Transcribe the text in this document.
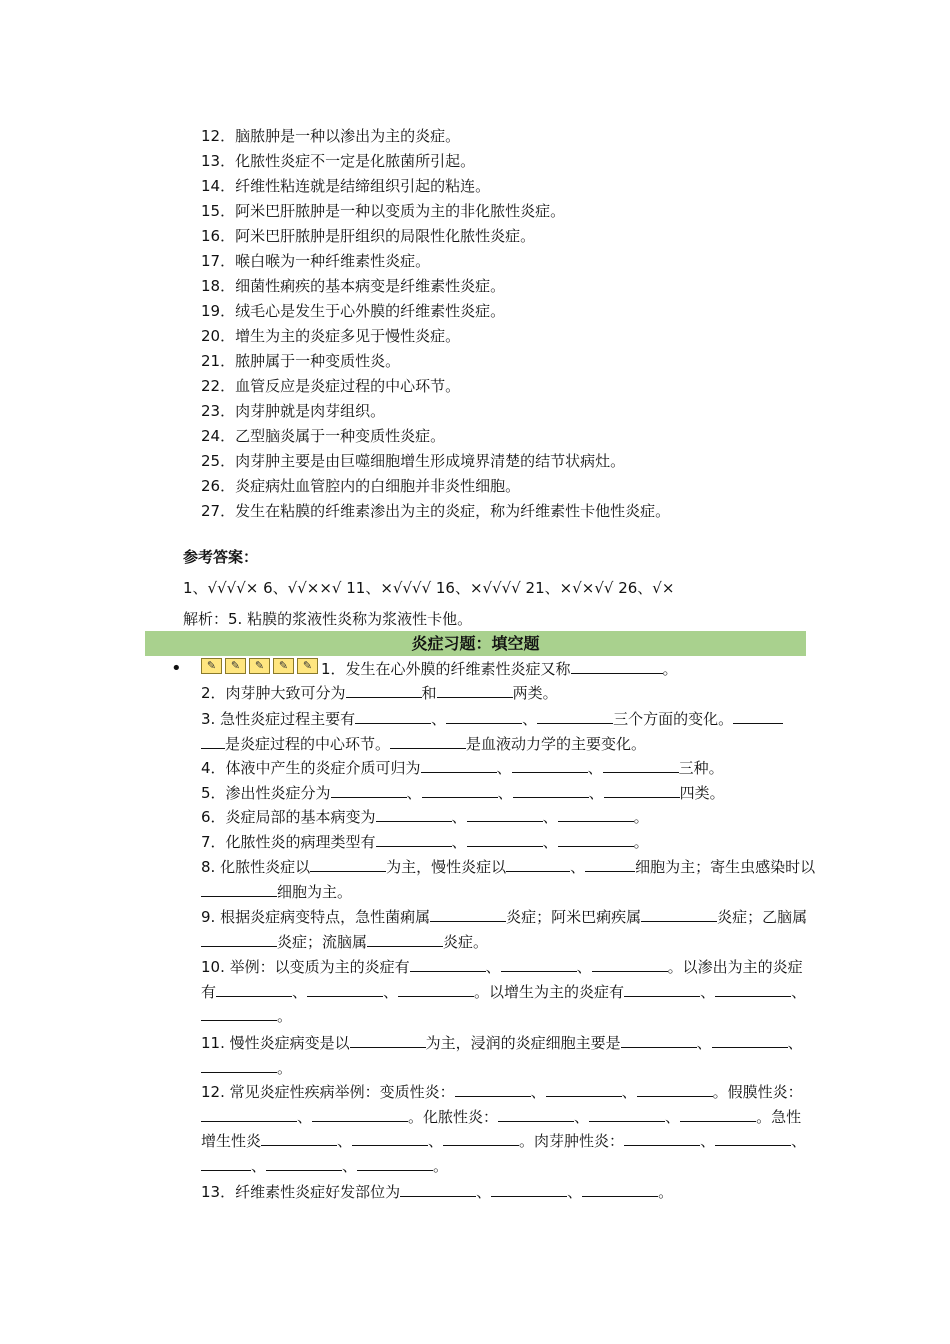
12．脑脓肿是一种以渗出为主的炎症。
13．化脓性炎症不一定是化脓菌所引起。
14．纤维性粘连就是结缔组织引起的粘连。
15．阿米巴肝脓肿是一种以变质为主的非化脓性炎症。
16．阿米巴肝脓肿是肝组织的局限性化脓性炎症。
17．喉白喉为一种纤维素性炎症。
18．细菌性痢疾的基本病变是纤维素性炎症。
19．绒毛心是发生于心外膜的纤维素性炎症。
20．增生为主的炎症多见于慢性炎症。
21．脓肿属于一种变质性炎。
22．血管反应是炎症过程的中心环节。
23．肉芽肿就是肉芽组织。
24．乙型脑炎属于一种变质性炎症。
25．肉芽肿主要是由巨噬细胞增生形成境界清楚的结节状病灶。
26．炎症病灶血管腔内的白细胞并非炎性细胞。
27．发生在粘膜的纤维素渗出为主的炎症，称为纤维素性卡他性炎症。
参考答案：
1、√√√√× 6、√√××√ 11、×√√√√ 16、×√√√√ 21、×√×√√ 26、√×
解析：5. 粘膜的浆液性炎称为浆液性卡他。
炎症习题：填空题
•	✎	✎	✎	✎	✎ 1．发生在心外膜的纤维素性炎症又称	。
2．肉芽肿大致可分为	和	两类。
3. 急性炎症过程主要有	、	、	三个方面的变化。
是炎症过程的中心环节。	是血液动力学的主要变化。
4．体液中产生的炎症介质可归为	、	、	三种。
5．渗出性炎症分为	、	、	、	四类。
6．炎症局部的基本病变为	、	、	。
7．化脓性炎的病理类型有	、	、	。
8. 化脓性炎症以	为主，慢性炎症以	、	细胞为主；寄生虫感染时以细胞为主。
9. 根据炎症病变特点，急性菌痢属	炎症；阿米巴痢疾属	炎症；乙脑属炎症；流脑属	炎症。
10. 举例：以变质为主的炎症有	、	、	。以渗出为主的炎症有	、	、	。以增生为主的炎症有	、	、。
11. 慢性炎症病变是以	为主，浸润的炎症细胞主要是	、	、。
12. 常见炎症性疾病举例：变质性炎：	、	、	。假膜性炎：、	。化脓性炎：	、	、	。急性增生性炎	、	、	。肉芽肿性炎：	、	、、	、	。
13．纤维素性炎症好发部位为	、	、	。
